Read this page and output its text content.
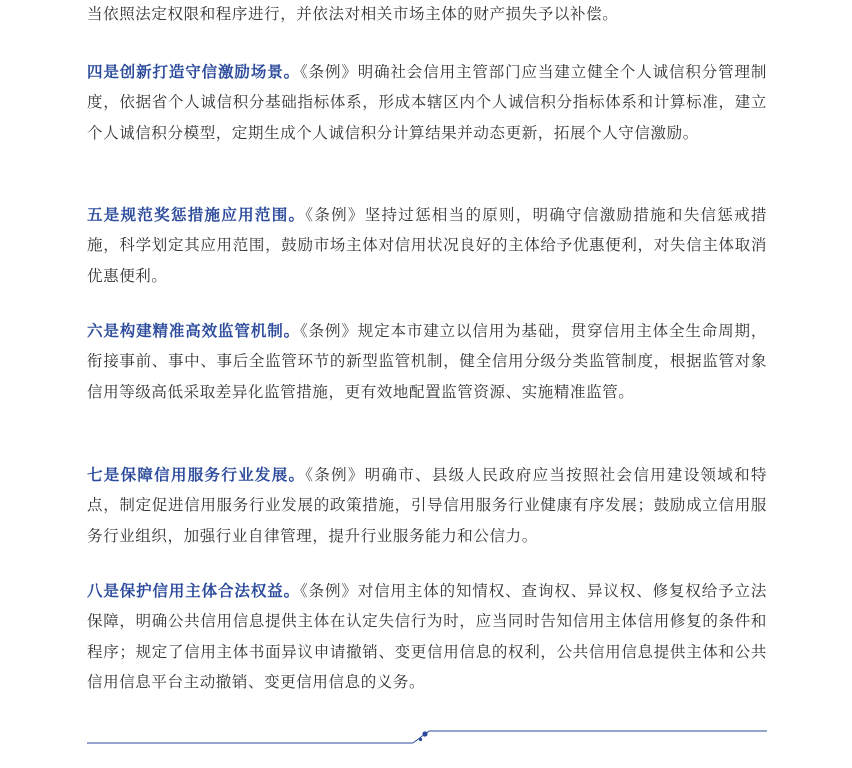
当依照法定权限和程序进行，并依法对相关市场主体的财产损失予以补偿。

四是创新打造守信激励场景。《条例》明确社会信用主管部门应当建立健全个人诚信积分管理制度，依据省个人诚信积分基础指标体系，形成本辖区内个人诚信积分指标体系和计算标准，建立个人诚信积分模型，定期生成个人诚信积分计算结果并动态更新，拓展个人守信激励。

五是规范奖惩措施应用范围。《条例》坚持过惩相当的原则，明确守信激励措施和失信惩戒措施，科学划定其应用范围，鼓励市场主体对信用状况良好的主体给予优惠便利，对失信主体取消优惠便利。

六是构建精准高效监管机制。《条例》规定本市建立以信用为基础，贯穿信用主体全生命周期，衔接事前、事中、事后全监管环节的新型监管机制，健全信用分级分类监管制度，根据监管对象信用等级高低采取差异化监管措施，更有效地配置监管资源、实施精准监管。

七是保障信用服务行业发展。《条例》明确市、县级人民政府应当按照社会信用建设领域和特点，制定促进信用服务行业发展的政策措施，引导信用服务行业健康有序发展；鼓励成立信用服务行业组织，加强行业自律管理，提升行业服务能力和公信力。

八是保护信用主体合法权益。《条例》对信用主体的知情权、查询权、异议权、修复权给予立法保障，明确公共信用信息提供主体在认定失信行为时，应当同时告知信用主体信用修复的条件和程序；规定了信用主体书面异议申请撤销、变更信用信息的权利，公共信用信息提供主体和公共信用信息平台主动撤销、变更信用信息的义务。
